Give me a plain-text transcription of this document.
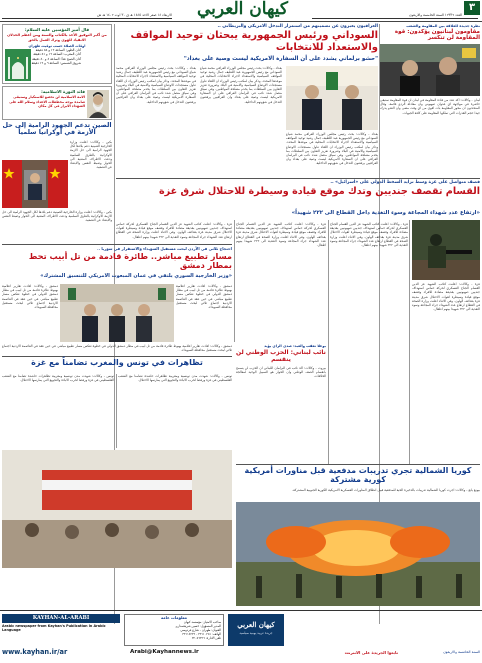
الاربعاء ١٤ صفر الاحد ١٤٤٥ هـ ق ٣٠ اوت ١٤٠٢ هـ ش	كيهان العربي	العدد ١٢٣٣٦ السنة الخامسة والاربعون
٣
قال أمير المؤمنين عليه السلام:
من أكبر التوفيق الأخذ بالكتاب والسنة ومن أعظم الخذلان الانقياد للهوى وترك العمل بالحق
اوقات الصلاة حسب توقيت طهران
آذان الظهر: الساعة ١٢ و ٥٨ دقيقة
آذان المغرب: الساعة ١٩ و ٥١ دقيقة
آذان الصبح غداً: الساعة ٤ و ٤٠ دقيقة
شروق الشمس: الساعة ٦ و ١٩ دقيقة
قائد الثورة الاسلامية:
الامة الاسلامية لن تخضع للاستكبار وستبقى صامدة بوجه مخططات الاعداء وسلام الله على الشهداء الابرار في كل مكان
الصين تدعم الجهود الرامية إلى حل الأزمة في أوكرانيا سلمياً
بكين - وكالات: اعلنت وزارة الخارجية الصينية دعم بلادها لكل الجهود الرامية الى حل الازمة الاوكرانية بالطرق السلمية ودعت الاطراف المعنية الى الحوار وضبط النفس والابتعاد عن التصعيد.
بكين - وكالات: اعلنت وزارة الخارجية الصينية دعم بلادها لكل الجهود الرامية الى حل الازمة الاوكرانية بالطرق السلمية ودعت الاطراف المعنية الى الحوار وضبط النفس والابتعاد عن التصعيد.
نظرة جديدة للعلاقة بين المقاومة والشعب
مقاومون لبنانيون يؤكدون: قوة المقاومة لن تنكسر
لبنان - وكالات: اكد عدد من قادة المقاومة في لبنان ان قوة المقاومة ستبقى حاضرة في مواجهة اي عدوان صهيوني وان معادلة الردع قائمة. وقال المتحدثون ان محور المقاومة بات اقوى من اي وقت مضى وان العدو يدرك جيدا حجم القدرات التي تملكها المقاومة على كافة الجبهات.
العراقيون يعبرون عن تضمينهم من استمرار التدخل الامريكي والبريطاني ..
السوداني ورئيس الجمهورية يبحثان توحيد المواقف والاستعداد للانتخابات
"حشو برلماني يشدد على أن السفارة الامريكية ليست وصية على بغداد"
بغداد - وكالات: بحث رئيس مجلس الوزراء العراقي محمد شياع السوداني مع رئيس الجمهورية عبد اللطيف جمال رشيد توحيد المواقف السياسية والاستعداد لاجراء الانتخابات المحلية في موعدها المحدد. وذكر بيان لمكتب رئيس الوزراء ان اللقاء تناول مستجدات الاوضاع السياسية والامنية في البلاد وضرورة تعزيز التعاون بين السلطات بما يخدم مصلحة المواطنين. وفي سياق متصل شدد نائب في البرلمان العراقي على ان السفارة الامريكية ليست وصية على بغداد وان العراقيين يرفضون التدخل في شؤونهم الداخلية.
بغداد - وكالات: بحث رئيس مجلس الوزراء العراقي محمد شياع السوداني مع رئيس الجمهورية عبد اللطيف جمال رشيد توحيد المواقف السياسية والاستعداد لاجراء الانتخابات المحلية في موعدها المحدد. وذكر بيان لمكتب رئيس الوزراء ان اللقاء تناول مستجدات الاوضاع السياسية والامنية في البلاد وضرورة تعزيز التعاون بين السلطات بما يخدم مصلحة المواطنين. وفي سياق متصل شدد نائب في البرلمان العراقي على ان السفارة الامريكية ليست وصية على بغداد وان العراقيين يرفضون التدخل في شؤونهم الداخلية.
بغداد - وكالات: بحث رئيس مجلس الوزراء العراقي محمد شياع السوداني مع رئيس الجمهورية عبد اللطيف جمال رشيد توحيد المواقف السياسية والاستعداد لاجراء الانتخابات المحلية في موعدها المحدد. وذكر بيان لمكتب رئيس الوزراء ان اللقاء تناول مستجدات الاوضاع السياسية والامنية في البلاد وضرورة تعزيز التعاون بين السلطات بما يخدم مصلحة المواطنين. وفي سياق متصل شدد نائب في البرلمان العراقي على ان السفارة الامريكية ليست وصية على بغداد وان العراقيين يرفضون التدخل في شؤونهم الداخلية.
قصف متواصل على غزة وسط تزايد السخط الدولي على «اسرائيل» ..
القسام تقصف جنديين وتدك موقع قيادة وسيطرة للاحتلال شرق غزة
«ارتفاع عدد شهداء المجاعة وسوء التغذية داخل القطاع الى ٢٢٢ شهيداً»
غزة - وكالات: اعلنت كتائب الشهيد عز الدين القسام الجناح العسكري لحركة حماس استهداف جنديين صهيونيين بقذيفة مضادة للافراد وقصف موقع قيادة وسيطرة لقوات الاحتلال شرق مدينة غزة بقذائف الهاون. وفي الاثناء اعلنت وزارة الصحة في القطاع ارتفاع عدد الشهداء جراء المجاعة وسوء التغذية الى ٢٢٢ شهيدا بينهم اطفال.
غزة - وكالات: اعلنت كتائب الشهيد عز الدين القسام الجناح العسكري لحركة حماس استهداف جنديين صهيونيين بقذيفة مضادة للافراد وقصف موقع قيادة وسيطرة لقوات الاحتلال شرق مدينة غزة بقذائف الهاون. وفي الاثناء اعلنت وزارة الصحة في القطاع ارتفاع عدد الشهداء جراء المجاعة وسوء التغذية الى ٢٢٢ شهيدا بينهم اطفال.
غزة - وكالات: اعلنت كتائب الشهيد عز الدين القسام الجناح العسكري لحركة حماس استهداف جنديين صهيونيين بقذيفة مضادة للافراد وقصف موقع قيادة وسيطرة لقوات الاحتلال شرق مدينة غزة بقذائف الهاون. وفي الاثناء اعلنت وزارة الصحة في القطاع ارتفاع عدد الشهداء جراء المجاعة وسوء التغذية الى ٢٢٢ شهيدا بينهم اطفال.
غزة - وكالات: اعلنت كتائب الشهيد عز الدين القسام الجناح العسكري لحركة حماس استهداف جنديين صهيونيين بقذيفة مضادة للافراد وقصف موقع قيادة وسيطرة لقوات الاحتلال شرق مدينة غزة بقذائف الهاون. وفي الاثناء اعلنت وزارة الصحة في القطاع ارتفاع عدد الشهداء جراء المجاعة وسوء التغذية الى ٢٢٢ شهيدا بينهم اطفال.
احتجاج ثلاثي في الأردن لبحث مستقبل السويداء والاستقرار في سوريا ..
مسار تطبيع مباشر.. طائرة قادمة من تل أبيب تحط بمطار دمشق
«وزير الخارجية السوري يلتقي في عمان المبعوث الامريكي للتنسيق المشترك»
دمشق - وكالات: افادت تقارير اعلامية بهبوط طائرة قادمة من تل ابيب في مطار دمشق الدولي في خطوة تعكس مسار تطبيع مباشر. في حين عقد في العاصمة الاردنية اجتماع ثلاثي لبحث مستقبل محافظة السويداء.
دمشق - وكالات: افادت تقارير اعلامية بهبوط طائرة قادمة من تل ابيب في مطار دمشق الدولي في خطوة تعكس مسار تطبيع مباشر. في حين عقد في العاصمة الاردنية اجتماع ثلاثي لبحث مستقبل محافظة السويداء.
دمشق - وكالات: افادت تقارير اعلامية بهبوط طائرة قادمة من تل ابيب في مطار دمشق الدولي في خطوة تعكس مسار تطبيع مباشر. في حين عقد في العاصمة الاردنية اجتماع ثلاثي لبحث مستقبل محافظة السويداء.
تظاهرات في تونس والمغرب تضامناً مع غزة
تونس - وكالات: شهدت مدن تونسية ومغربية تظاهرات حاشدة تضامنا مع الشعب الفلسطيني في غزة ورفضا لحرب الابادة والتجويع التي يمارسها الاحتلال.
تونس - وكالات: شهدت مدن تونسية ومغربية تظاهرات حاشدة تضامنا مع الشعب الفلسطيني في غزة ورفضا لحرب الابادة والتجويع التي يمارسها الاحتلال.
بوعلا تعقب والعبد: صدى الراي يؤيد
نائب لبناني: الحزب الوطني لن ينقسم
بيروت - وكالات: اكد نائب في البرلمان اللبناني ان الحزب لن يسمح بانقسام الصف الوطني وان الحوار هو السبيل الوحيد لمعالجة الخلافات.
كوريا الشمالية تجري تدريبات مدفعية قبل مناورات أمريكية كورية مشتركة
بيونغ يانغ - وكالات: اجرت كوريا الشمالية تدريبات بالذخيرة الحية للمدفعية قبيل انطلاق المناورات العسكرية الامريكية الكورية الجنوبية المشتركة.
KAYHAN-AL-ARABI
Arabic newspaper from Kayhan's Publication in Arabic Language
www.kayhan.ir/ar	Arabi@Kayhannews.ir
معلومات عامة
صاحب الامتياز: مؤسسة كيهان
المدير المسؤول: حسين شريعتمداري
العنوان: طهران - شارع فردوسي
الهاتف: ٣٣١١٠٢٥١ - ٣٣١١٤٢٢٩
تلفن الادارة: ٢٢٠٥٦٢٢٦
كيهان العربي
جريدة عربية يومية سياسية
تابعوا الجريدة على الانترنت	السنة الخامسة والاربعون
